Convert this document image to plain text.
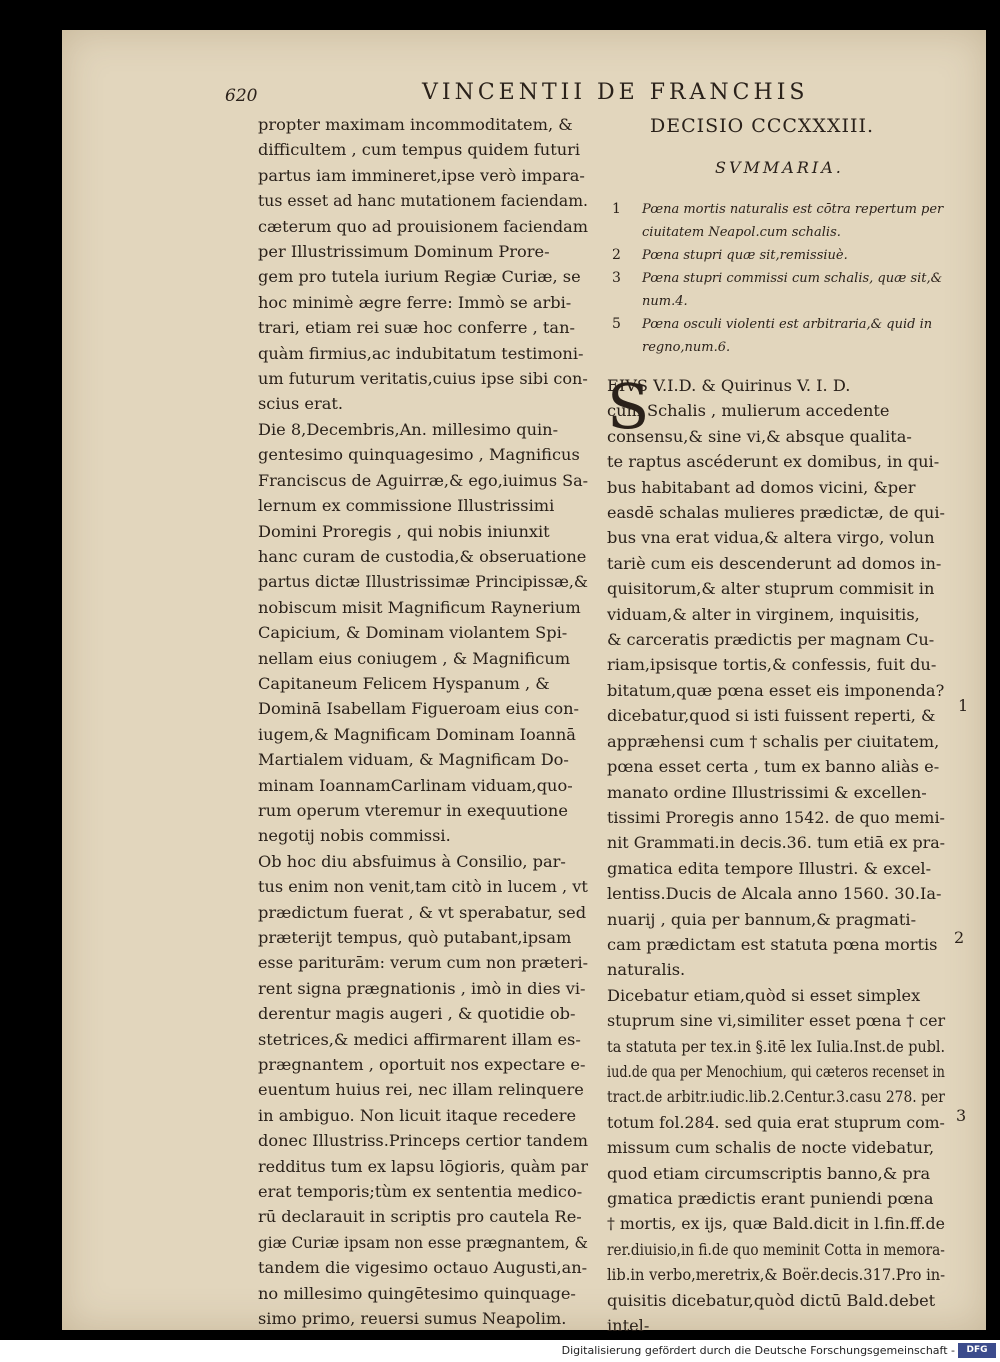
620	VINCENTII DE FRANCHIS
DECISIO CCCXXXIII.
SVMMARIA.
1 Pœna mortis naturalis est cōtra repertum per
ciuitatem Neapol.cum schalis.
2 Pœna stupri quæ sit,remissiuè.
3 Pœna stupri commissi cum schalis, quæ sit,&
num.4.
5 Pœna osculi violenti est arbitraria,& quid in
regno,num.6.
propter maximam incommoditatem, &
difficultem , cum tempus quidem futuri
partus iam immineret,ipse verò impara-
tus esset ad hanc mutationem faciendam.
cæterum quo ad prouisionem faciendam
per Illustrissimum Dominum Prore-
gem pro tutela iurium Regiæ Curiæ, se
hoc minimè ægre ferre: Immò se arbi-
trari, etiam rei suæ hoc conferre , tan-
quàm firmius,ac indubitatum testimoni-
um futurum veritatis,cuius ipse sibi con-
scius erat.
Die 8,Decembris,An. millesimo quin-
gentesimo quinquagesimo , Magnificus
Franciscus de Aguirræ,& ego,iuimus Sa-
lernum ex commissione Illustrissimi
Domini Proregis , qui nobis iniunxit
hanc curam de custodia,& obseruatione
partus dictæ Illustrissimæ Principissæ,&
nobiscum misit Magnificum Raynerium
Capicium, & Dominam violantem Spi-
nellam eius coniugem , & Magnificum
Capitaneum Felicem Hyspanum , &
Dominā Isabellam Figueroam eius con-
iugem,& Magnificam Dominam Ioannā
Martialem viduam, & Magnificam Do-
minam IoannamCarlinam viduam,quo-
rum operum vteremur in exequutione
negotij nobis commissi.
Ob hoc diu absfuimus à Consilio, par-
tus enim non venit,tam citò in lucem , vt
prædictum fuerat , & vt sperabatur, sed
præterijt tempus, quò putabant,ipsam
esse pariturām: verum cum non præteri-
rent signa prægnationis , imò in dies vi-
derentur magis augeri , & quotidie ob-
stetrices,& medici affirmarent illam es-
prægnantem , oportuit nos expectare e-
euentum huius rei, nec illam relinquere
in ambiguo. Non licuit itaque recedere
donec Illustriss.Princeps certior tandem
redditus tum ex lapsu lōgioris, quàm par
erat temporis;tùm ex sententia medico-
rū declarauit in scriptis pro cautela Re-
giæ Curiæ ipsam non esse prægnantem, &
tandem die vigesimo octauo Augusti,an-
no millesimo quingētesimo quinquage-
simo primo, reuersi sumus Neapolim.
S
EIVS V.I.D. & Quirinus V. I. D.
cum Schalis , mulierum accedente
consensu,& sine vi,& absque qualita-
te raptus ascéderunt ex domibus, in qui-
bus habitabant ad domos vicini, &per
easdē schalas mulieres prædictæ, de qui-
bus vna erat vidua,& altera virgo, volun
tariè cum eis descenderunt ad domos in-
quisitorum,& alter stuprum commisit in
viduam,& alter in virginem, inquisitis,
& carceratis prædictis per magnam Cu-
riam,ipsisque tortis,& confessis, fuit du-
bitatum,quæ pœna esset eis imponenda?
dicebatur,quod si isti fuissent reperti, &
appræhensi cum † schalis per ciuitatem,
pœna esset certa , tum ex banno aliàs e-
manato ordine Illustrissimi & excellen-
tissimi Proregis anno 1542. de quo memi-
nit Grammati.in decis.36. tum etiā ex pra-
gmatica edita tempore Illustri. & excel-
lentiss.Ducis de Alcala anno 1560. 30.Ia-
nuarij , quia per bannum,& pragmati-
cam prædictam est statuta pœna mortis
naturalis.
Dicebatur etiam,quòd si esset simplex
stuprum sine vi,similiter esset pœna † cer
ta statuta per tex.in §.itē lex Iulia.Inst.de publ.
iud.de qua per Menochium, qui cæteros recenset in
tract.de arbitr.iudic.lib.2.Centur.3.casu 278. per
totum fol.284. sed quia erat stuprum com-
missum cum schalis de nocte videbatur,
quod etiam circumscriptis banno,& pra
gmatica prædictis erant puniendi pœna
† mortis, ex ijs, quæ Bald.dicit in l.fin.ff.de
rer.diuisio,in fi.de quo meminit Cotta in memora-
lib.in verbo,meretrix,& Boër.decis.317.Pro in-
quisitis dicebatur,quòd dictū Bald.debet
intel-
1
2
3
Digitalisierung gefördert durch die Deutsche Forschungsgemeinschaft -	DFG
